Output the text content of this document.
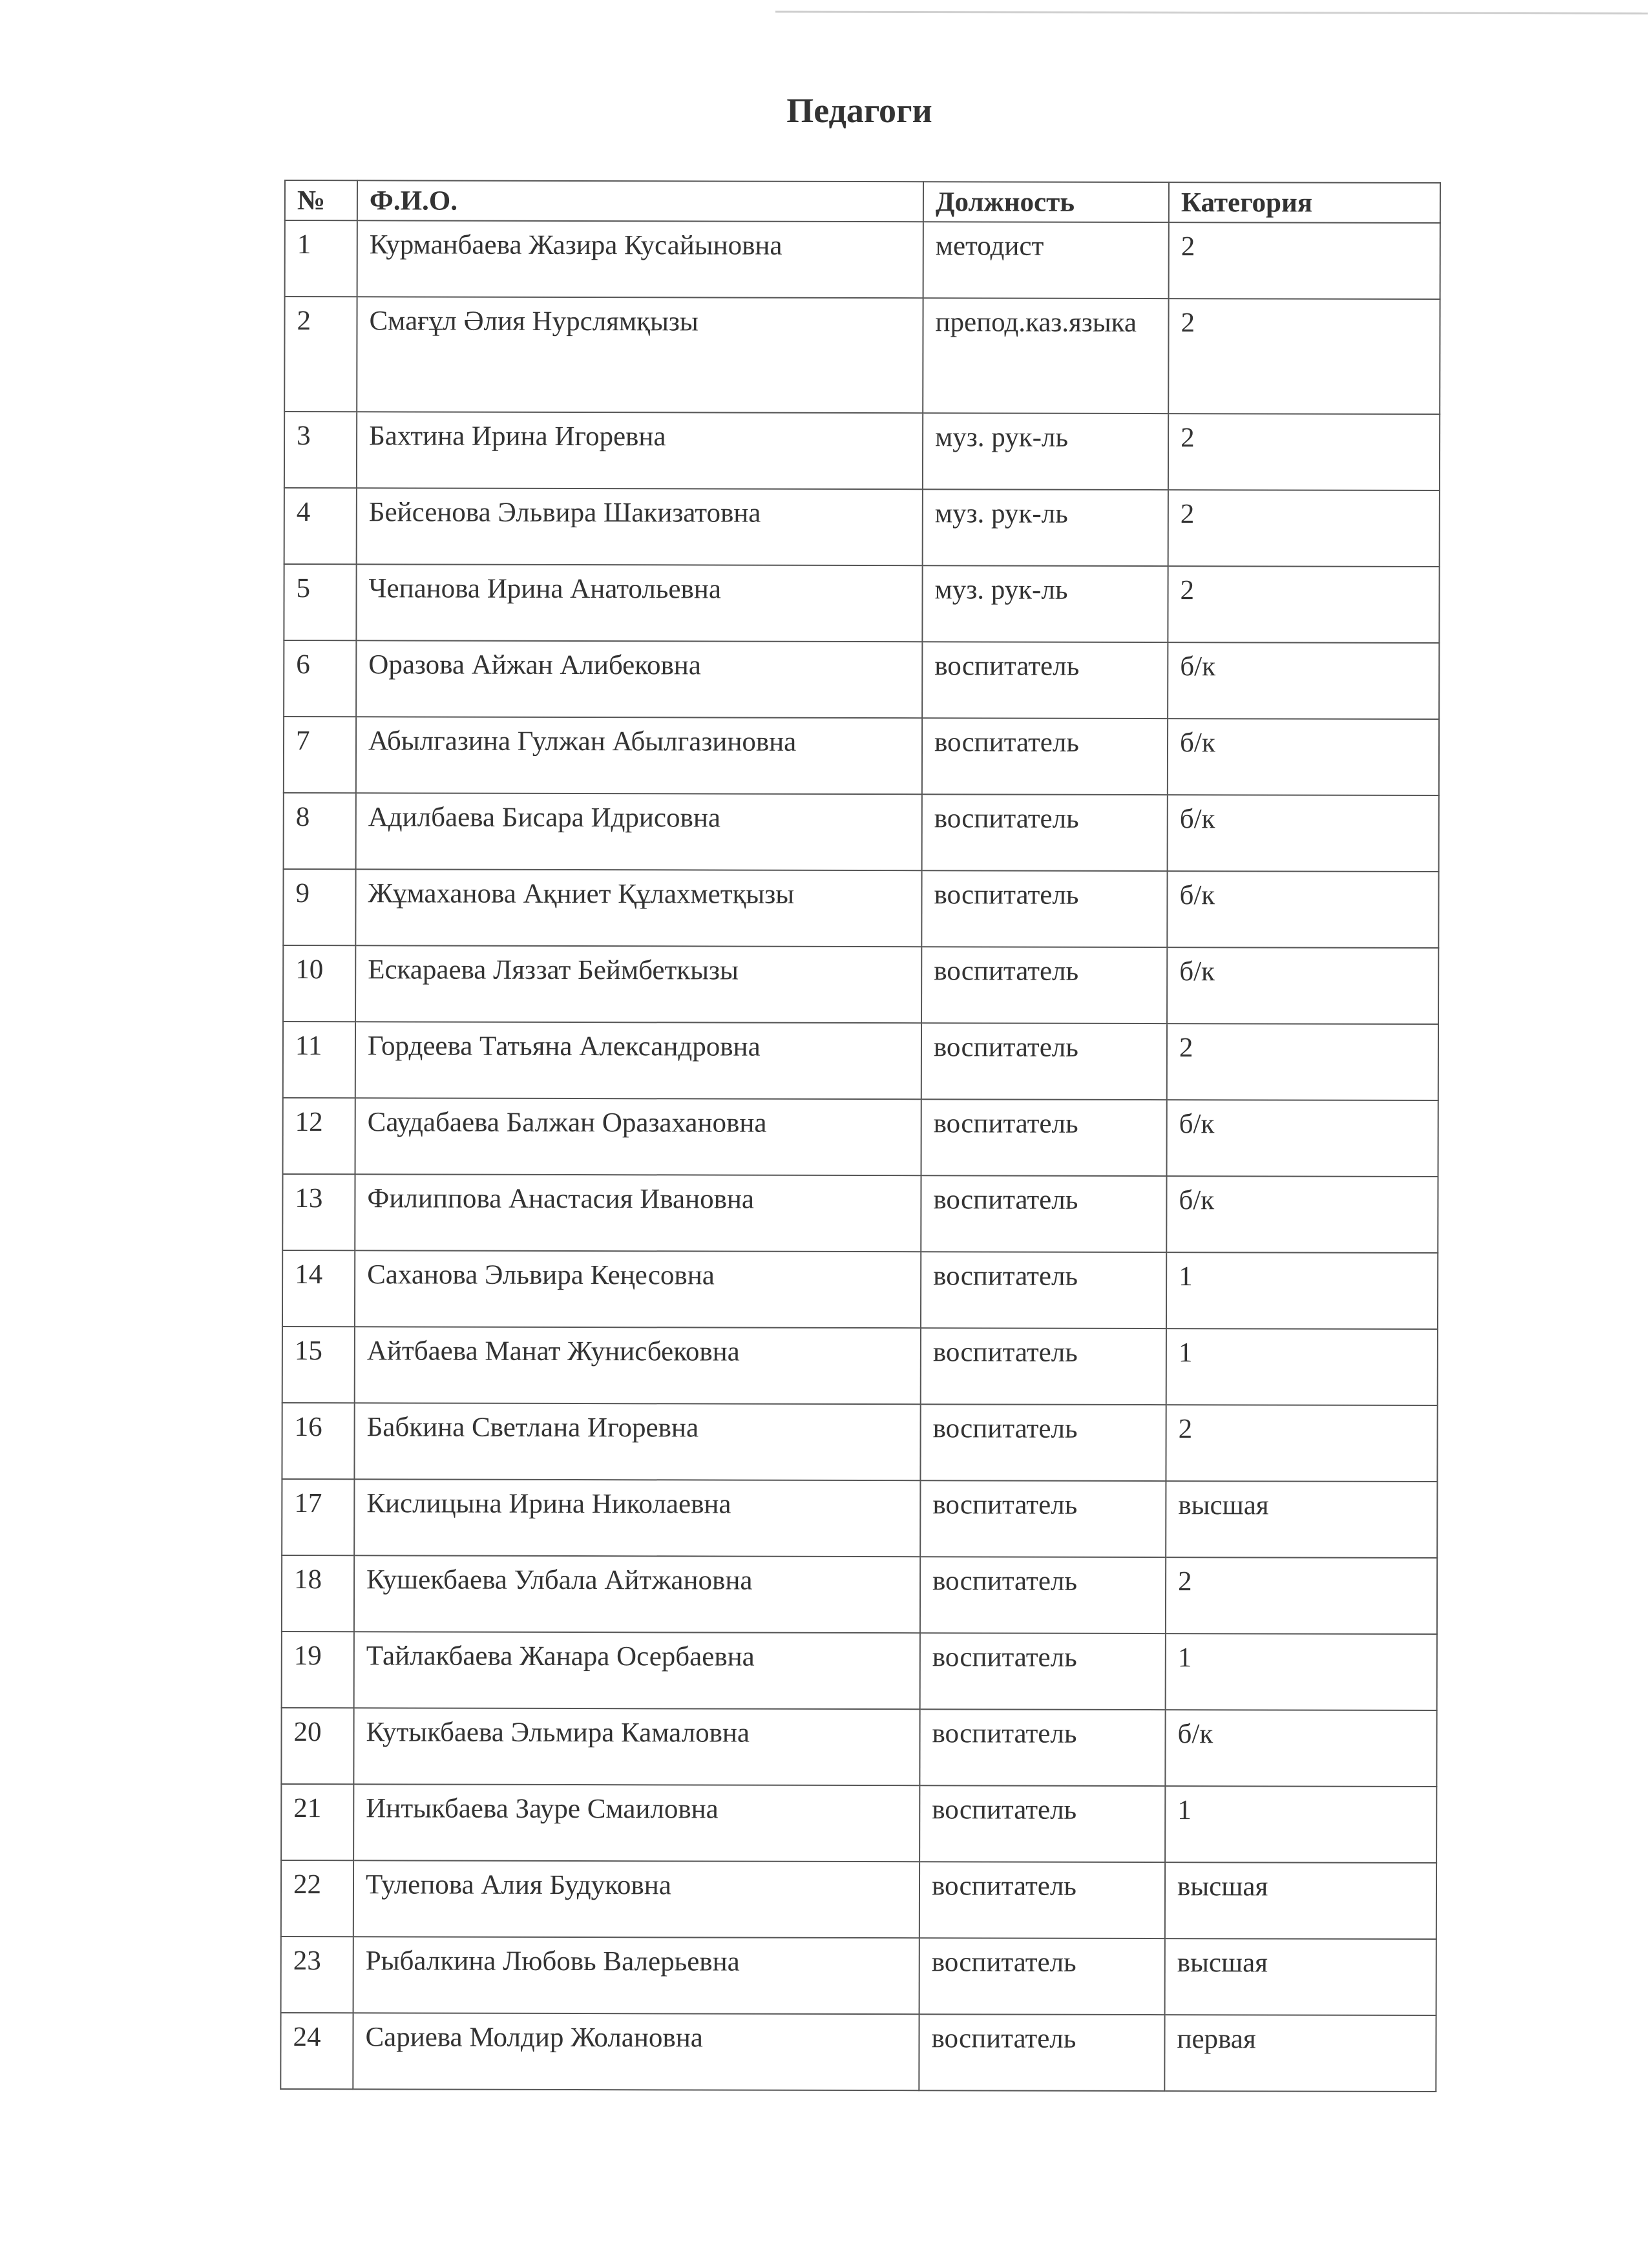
Педагоги
№	Ф.И.О.	Должность	Категория
1	Курманбаева Жазира Кусайыновна	методист	2
2	Смағұл Әлия Нурслямқызы	препод.каз.языка	2
3	Бахтина Ирина Игоревна	муз. рук-ль	2
4	Бейсенова Эльвира Шакизатовна	муз. рук-ль	2
5	Чепанова Ирина Анатольевна	муз. рук-ль	2
6	Оразова Айжан Алибековна	воспитатель	б/к
7	Абылгазина Гулжан Абылгазиновна	воспитатель	б/к
8	Адилбаева Бисара Идрисовна	воспитатель	б/к
9	Жұмаханова Ақниет Құлахметқызы	воспитатель	б/к
10	Ескараева Ляззат Беймбеткызы	воспитатель	б/к
11	Гордеева Татьяна Александровна	воспитатель	2
12	Саудабаева Балжан Оразахановна	воспитатель	б/к
13	Филиппова Анастасия Ивановна	воспитатель	б/к
14	Саханова Эльвира Кеңесовна	воспитатель	1
15	Айтбаева Манат Жунисбековна	воспитатель	1
16	Бабкина Светлана Игоревна	воспитатель	2
17	Кислицына Ирина Николаевна	воспитатель	высшая
18	Кушекбаева Улбала Айтжановна	воспитатель	2
19	Тайлакбаева Жанара Осербаевна	воспитатель	1
20	Кутыкбаева Эльмира Камаловна	воспитатель	б/к
21	Интыкбаева Зауре Смаиловна	воспитатель	1
22	Тулепова Алия Будуковна	воспитатель	высшая
23	Рыбалкина Любовь Валерьевна	воспитатель	высшая
24	Сариева Молдир Жолановна	воспитатель	первая
